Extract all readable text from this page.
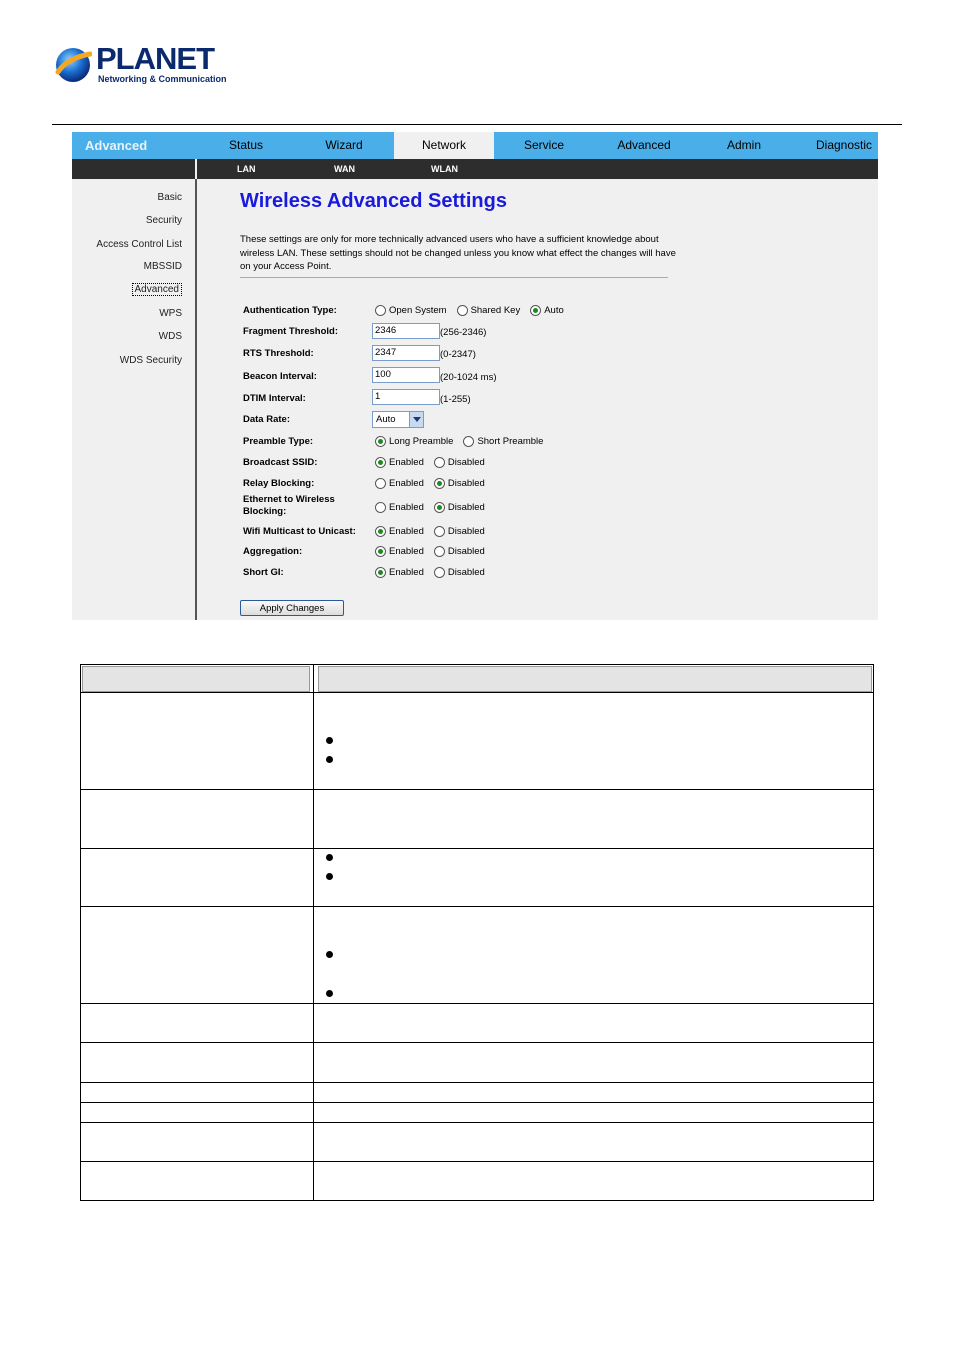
PLANET
Networking & Communication
Advanced	Status	Wizard	Network	Service	Advanced	Admin	Diagnostic
LAN	WAN	WLAN
Basic
Security
Access Control List
MBSSID
Advanced
WPS
WDS
WDS Security
Wireless Advanced Settings
These settings are only for more technically advanced users who have a sufficient knowledge about wireless LAN. These settings should not be changed unless you know what effect the changes will have on your Access Point.
Authentication Type:	Open System	Shared Key	Auto
Fragment Threshold:	2346	(256-2346)
RTS Threshold:	2347	(0-2347)
Beacon Interval:	100	(20-1024 ms)
DTIM Interval:	1	(1-255)
Data Rate:	Auto
Preamble Type:	Long Preamble	Short Preamble
Broadcast SSID:	Enabled	Disabled
Relay Blocking:	Enabled	Disabled
Ethernet to Wireless
Blocking:	Enabled	Disabled
Wifi Multicast to Unicast:	Enabled	Disabled
Aggregation:	Enabled	Disabled
Short GI:	Enabled	Disabled
Apply Changes
